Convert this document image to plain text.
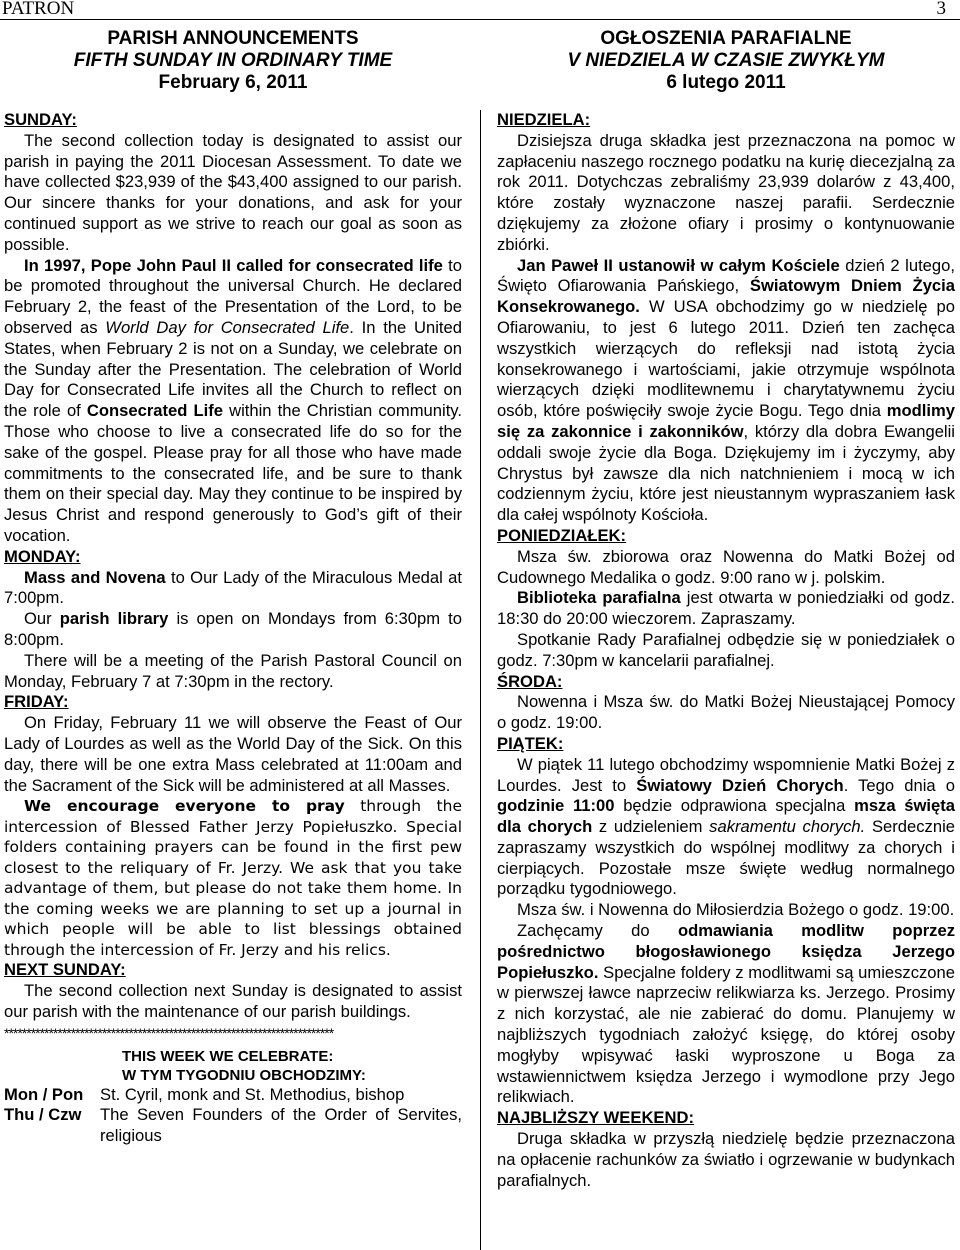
PATRON	3
PARISH ANNOUNCEMENTS
FIFTH SUNDAY IN ORDINARY TIME
February 6, 2011
SUNDAY:

The second collection today is designated to assist our parish in paying the 2011 Diocesan Assessment. To date we have collected $23,939 of the $43,400 assigned to our parish. Our sincere thanks for your donations, and ask for your continued support as we strive to reach our goal as soon as possible.

In 1997, Pope John Paul II called for consecrated life to be promoted throughout the universal Church. He declared February 2, the feast of the Presentation of the Lord, to be observed as World Day for Consecrated Life. In the United States, when February 2 is not on a Sunday, we celebrate on the Sunday after the Presentation. The celebration of World Day for Consecrated Life invites all the Church to reflect on the role of Consecrated Life within the Christian community. Those who choose to live a consecrated life do so for the sake of the gospel. Please pray for all those who have made commitments to the consecrated life, and be sure to thank them on their special day. May they continue to be inspired by Jesus Christ and respond generously to God’s gift of their vocation.

MONDAY:

Mass and Novena to Our Lady of the Miraculous Medal at 7:00pm.

Our parish library is open on Mondays from 6:30pm to 8:00pm.

There will be a meeting of the Parish Pastoral Council on Monday, February 7 at 7:30pm in the rectory.

FRIDAY:

On Friday, February 11 we will observe the Feast of Our Lady of Lourdes as well as the World Day of the Sick. On this day, there will be one extra Mass celebrated at 11:00am and the Sacrament of the Sick will be administered at all Masses.

We encourage everyone to pray through the intercession of Blessed Father Jerzy Popiełuszko. Special folders containing prayers can be found in the first pew closest to the reliquary of Fr. Jerzy. We ask that you take advantage of them, but please do not take them home. In the coming weeks we are planning to set up a journal in which people will be able to list blessings obtained through the intercession of Fr. Jerzy and his relics.

NEXT SUNDAY:

The second collection next Sunday is designated to assist our parish with the maintenance of our parish buildings.

**************************************************************************
THIS WEEK WE CELEBRATE:
W TYM TYGODNIU OBCHODZIMY:
Mon / Pon	St. Cyril, monk and St. Methodius, bishop
Thu / Czw	The Seven Founders of the Order of Servites, religious
OGŁOSZENIA PARAFIALNE
V NIEDZIELA W CZASIE ZWYKŁYM
6 lutego 2011
NIEDZIELA:

Dzisiejsza druga składka jest przeznaczona na pomoc w zapłaceniu naszego rocznego podatku na kurię diecezjalną za rok 2011. Dotychczas zebraliśmy 23,939 dolarów z 43,400, które zostały wyznaczone naszej parafii. Serdecznie dziękujemy za złożone ofiary i prosimy o kontynuowanie zbiórki.

Jan Paweł II ustanowił w całym Kościele dzień 2 lutego, Święto Ofiarowania Pańskiego, Światowym Dniem Życia Konsekrowanego. W USA obchodzimy go w niedzielę po Ofiarowaniu, to jest 6 lutego 2011. Dzień ten zachęca wszystkich wierzących do refleksji nad istotą życia konsekrowanego i wartościami, jakie otrzymuje wspólnota wierzących dzięki modlitewnemu i charytatywnemu życiu osób, które poświęciły swoje życie Bogu. Tego dnia modlimy się za zakonnice i zakonników, którzy dla dobra Ewangelii oddali swoje życie dla Boga. Dziękujemy im i życzymy, aby Chrystus był zawsze dla nich natchnieniem i mocą w ich codziennym życiu, które jest nieustannym wypraszaniem łask dla całej wspólnoty Kościoła.

PONIEDZIAŁEK:

Msza św. zbiorowa oraz Nowenna do Matki Bożej od Cudownego Medalika o godz. 9:00 rano w j. polskim.

Biblioteka parafialna jest otwarta w poniedziałki od godz. 18:30 do 20:00 wieczorem. Zapraszamy.

Spotkanie Rady Parafialnej odbędzie się w poniedziałek o godz. 7:30pm w kancelarii parafialnej.

ŚRODA:

Nowenna i Msza św. do Matki Bożej Nieustającej Pomocy o godz. 19:00.

PIĄTEK:

W piątek 11 lutego obchodzimy wspomnienie Matki Bożej z Lourdes. Jest to Światowy Dzień Chorych. Tego dnia o godzinie 11:00 będzie odprawiona specjalna msza święta dla chorych z udzieleniem sakramentu chorych. Serdecznie zapraszamy wszystkich do wspólnej modlitwy za chorych i cierpiących. Pozostałe msze święte według normalnego porządku tygodniowego.

Msza św. i Nowenna do Miłosierdzia Bożego o godz. 19:00.

Zachęcamy do odmawiania modlitw poprzez pośrednictwo błogosławionego księdza Jerzego Popiełuszko. Specjalne foldery z modlitwami są umieszczone w pierwszej ławce naprzeciw relikwiarza ks. Jerzego. Prosimy z nich korzystać, ale nie zabierać do domu. Planujemy w najbliższych tygodniach założyć księgę, do której osoby mogłyby wpisywać łaski wyproszone u Boga za wstawiennictwem księdza Jerzego i wymodlone przy Jego relikwiach.

NAJBLIŻSZY WEEKEND:

Druga składka w przyszłą niedzielę będzie przeznaczona na opłacenie rachunków za światło i ogrzewanie w budynkach parafialnych.
